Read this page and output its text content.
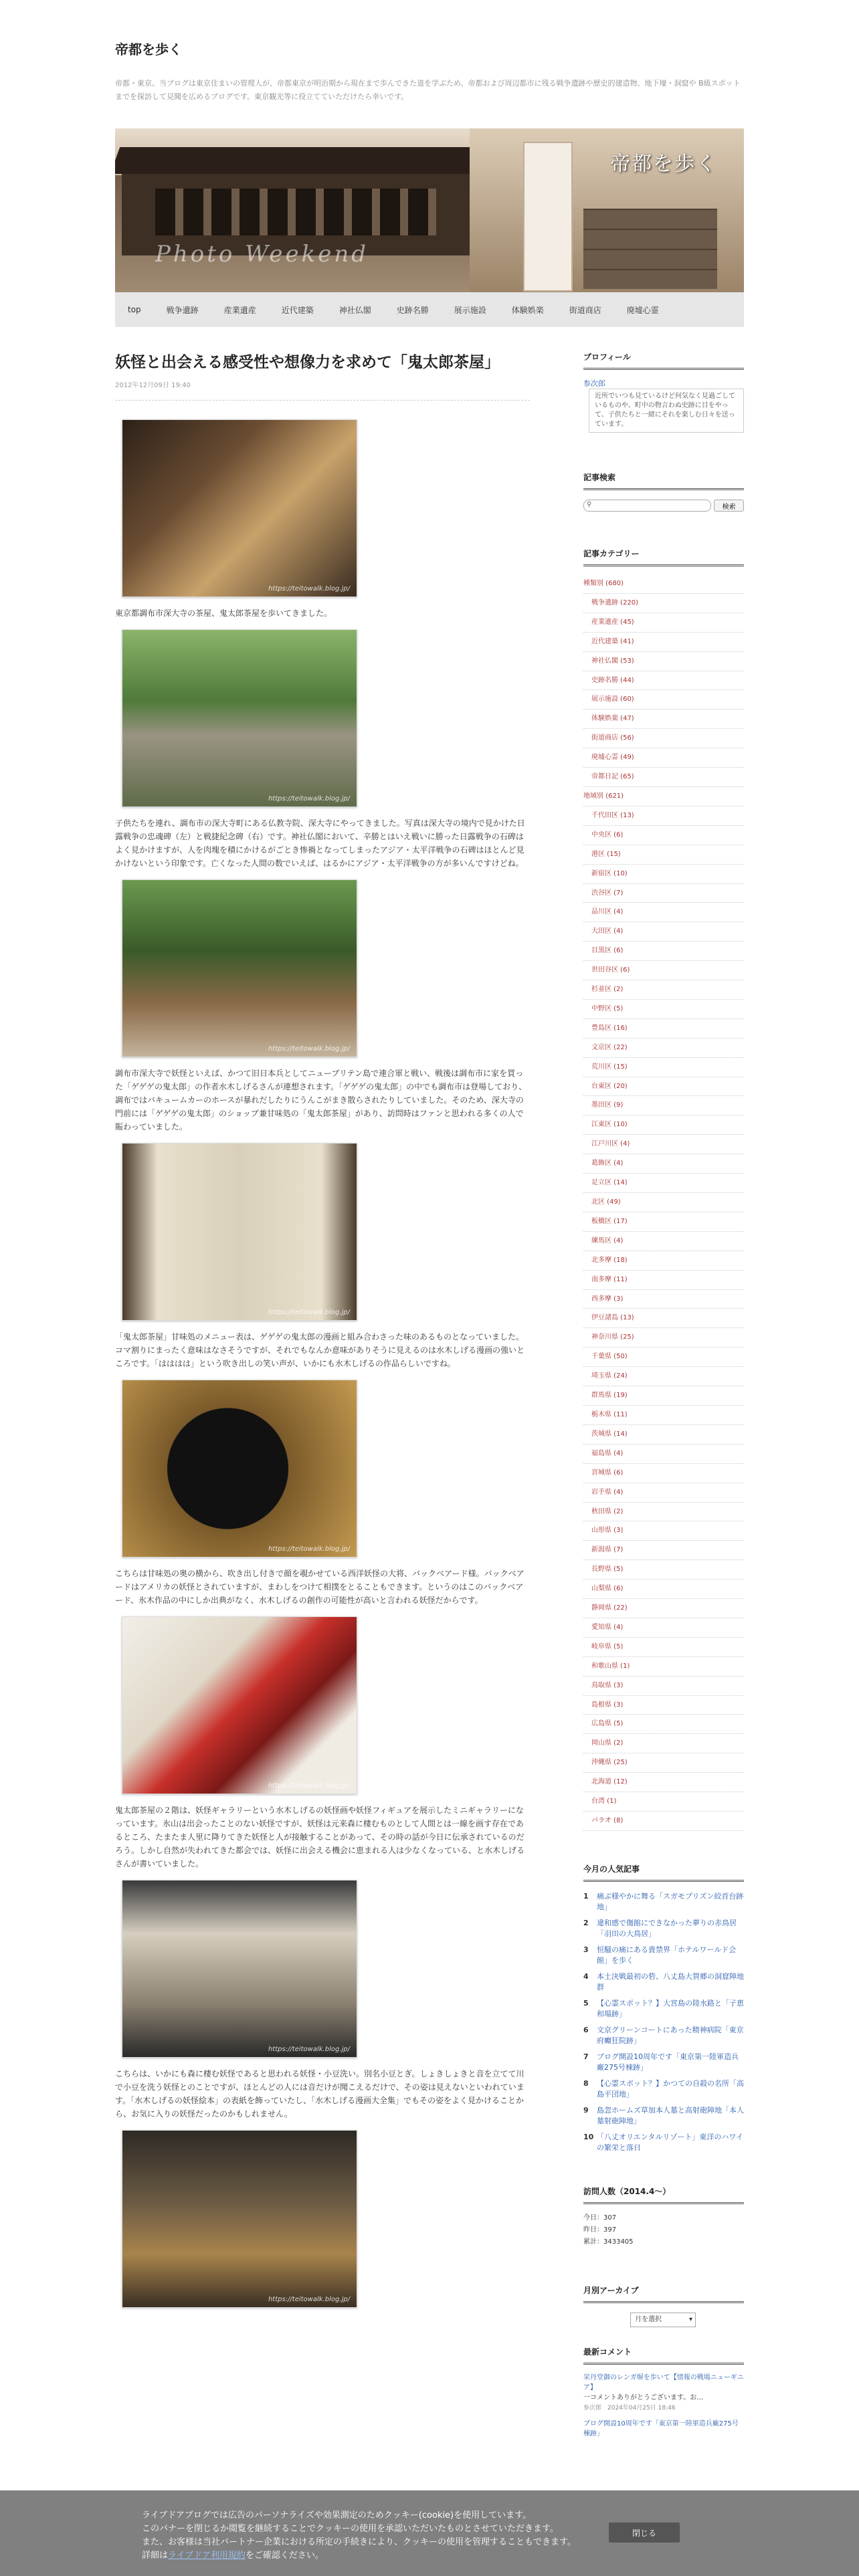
帝都を歩く
帝都・東京。当ブログは東京住まいの管理人が、帝都東京が明治期から現在まで歩んできた道を学ぶため、帝都および周辺都市に残る戦争遺跡や歴史的建造物、地下壕・洞窟や B級スポットまでを探訪して見聞を広めるブログです。東京観光等に役立てていただけたら幸いです。
帝都を歩く
Photo Weekend
top	戦争遺跡	産業遺産	近代建築	神社仏閣	史跡名勝	展示施設	体験娯楽	街道商店	廃墟心霊
妖怪と出会える感受性や想像力を求めて「鬼太郎茶屋」
2012年12月09日 19:40
https://teitowalk.blog.jp/
東京都調布市深大寺の茶屋、鬼太郎茶屋を歩いてきました。
https://teitowalk.blog.jp/
子供たちを連れ、調布市の深大寺町にある仏教寺院、深大寺にやってきました。写真は深大寺の境内で見かけた日露戦争の忠魂碑（左）と戦捷紀念碑（右）です。神社仏閣において、辛勝とはいえ戦いに勝った日露戦争の石碑はよく見かけますが、人を肉塊を積にかけるがごとき惨禍となってしまったアジア・太平洋戦争の石碑はほとんど見かけないという印象です。亡くなった人間の数でいえば、はるかにアジア・太平洋戦争の方が多いんですけどね。
https://teitowalk.blog.jp/
調布市深大寺で妖怪といえば、かつて旧日本兵としてニューブリテン島で連合軍と戦い、戦後は調布市に家を買った「ゲゲゲの鬼太郎」の作者水木しげるさんが連想されます。「ゲゲゲの鬼太郎」の中でも調布市は登場しており、調布ではバキュームカーのホースが暴れだしたりにうんこがまき散らされたりしていました。そのため、深大寺の門前には「ゲゲゲの鬼太郎」のショップ兼甘味処の「鬼太郎茶屋」があり、訪問時はファンと思われる多くの人で賑わっていました。
https://teitowalk.blog.jp/
「鬼太郎茶屋」甘味処のメニュー表は、ゲゲゲの鬼太郎の漫画と組み合わさった味のあるものとなっていました。コマ割りにまったく意味はなさそうですが、それでもなんか意味がありそうに見えるのは水木しげる漫画の強いところです。「はははは」という吹き出しの笑い声が、いかにも水木しげるの作品らしいですね。
https://teitowalk.blog.jp/
こちらは甘味処の奥の横から、吹き出し付きで顔を覗かせている西洋妖怪の大将、バックベアード様。バックベアードはアメリカの妖怪とされていますが、まわしをつけて相撲をとることもできます。というのはこのバックベアード、氷木作品の中にしか出典がなく、水木しげるの創作の可能性が高いと言われる妖怪だからです。
https://teitowalk.blog.jp/
鬼太郎茶屋の２階は、妖怪ギャラリーという水木しげるの妖怪画や妖怪フィギュアを展示したミニギャラリーになっています。氷山は出会ったことのない妖怪ですが、妖怪は元来森に棲むものとして人間とは一線を画す存在であるところ、たまたま人里に降りてきた妖怪と人が接触することがあって、その時の話が今日に伝承されているのだろう。しかし自然が失われてきた都会では、妖怪に出会える機会に恵まれる人は少なくなっている、と水木しげるさんが書いていました。
https://teitowalk.blog.jp/
こちらは、いかにも森に棲む妖怪であると思われる妖怪・小豆洗い。別名小豆とぎ。しょきしょきと音を立てて川で小豆を洗う妖怪とのことですが、ほとんどの人には音だけが聞こえるだけで、その姿は見えないといわれています。「水木しげるの妖怪絵本」の表紙を飾っていたし、「水木しげる漫画大全集」でもその姿をよく見かけることから、お気に入りの妖怪だったのかもしれません。
https://teitowalk.blog.jp/
プロフィール
参次郎
近所でいつも見ているけど何気なく見過ごしているものや、町中の物言わぬ史跡に目をやって、子供たちと一緒にそれを楽しむ日々を送っています。
記事検索
⚲	検索
記事カテゴリー
種類別 (680)
戦争遺跡 (220)
産業遺産 (45)
近代建築 (41)
神社仏閣 (53)
史跡名勝 (44)
展示施設 (60)
体験娯楽 (47)
街道商店 (56)
廃墟心霊 (49)
帝都日記 (65)
地域別 (621)
千代田区 (13)
中央区 (6)
港区 (15)
新宿区 (10)
渋谷区 (7)
品川区 (4)
大田区 (4)
目黒区 (6)
世田谷区 (6)
杉並区 (2)
中野区 (5)
豊島区 (16)
文京区 (22)
荒川区 (15)
台東区 (20)
墨田区 (9)
江東区 (10)
江戸川区 (4)
葛飾区 (4)
足立区 (14)
北区 (49)
板橋区 (17)
練馬区 (4)
北多摩 (18)
南多摩 (11)
西多摩 (3)
伊豆諸島 (13)
神奈川県 (25)
千葉県 (50)
埼玉県 (24)
群馬県 (19)
栃木県 (11)
茨城県 (14)
福島県 (4)
宮城県 (6)
岩手県 (4)
秋田県 (2)
山形県 (3)
新潟県 (7)
長野県 (5)
山梨県 (6)
静岡県 (22)
愛知県 (4)
岐阜県 (5)
和歌山県 (1)
鳥取県 (3)
島根県 (3)
広島県 (5)
岡山県 (2)
沖縄県 (25)
北海道 (12)
台湾 (1)
パラオ (8)
今月の人気記事
1	痛ぶ様やかに舞る「スガモプリズン絞首台跡地」
2	違和感で傷館にできなかった夢りの赤鳥居「羽田の大鳥居」
3	恒騒の痛にある貴禁界「ホテルワールド会館」を歩く
4	本土決戦最初の砦、八丈島大賀郷の洞窟陣地群
5	【心霊スポット？】大宮島の陸水路と「子恵和場跡」
6	文京グリーンコートにあった精神病院「東京府癲狂院跡」
7	ブログ開設10周年です「東京第一陸軍造兵廠275号棟跡」
8	【心霊スポット？】かつての自殺の名所「高島平団地」
9	島忽ホームズ草加本人墓と高射砲陣地「本人墓射砲陣地」
10 「八丈オリエンタルリゾート」東洋のハワイの繁栄と落日
訪問人数（2014.4～）
今日：307
昨日：397
累計：3433405
月別アーカイブ
月を選択	▾
最新コメント
栄丹堂御のレンガ塀を歩いて【情報の戦場ニューギニア】
一コメントありがとうございます。お…
参次郎　2024年04月25日 18:46
ブログ開設10周年です「東京第一陸軍造兵廠275号棟跡」
ライブドアブログでは広告のパーソナライズや効果測定のためクッキー(cookie)を使用しています。
このバナーを閉じるか閲覧を継続することでクッキーの使用を承認いただいたものとさせていただきます。
また、お客様は当社パートナー企業における所定の手続きにより、クッキーの使用を管理することもできます。
詳細はライブドア利用規約をご確認ください。
閉じる
